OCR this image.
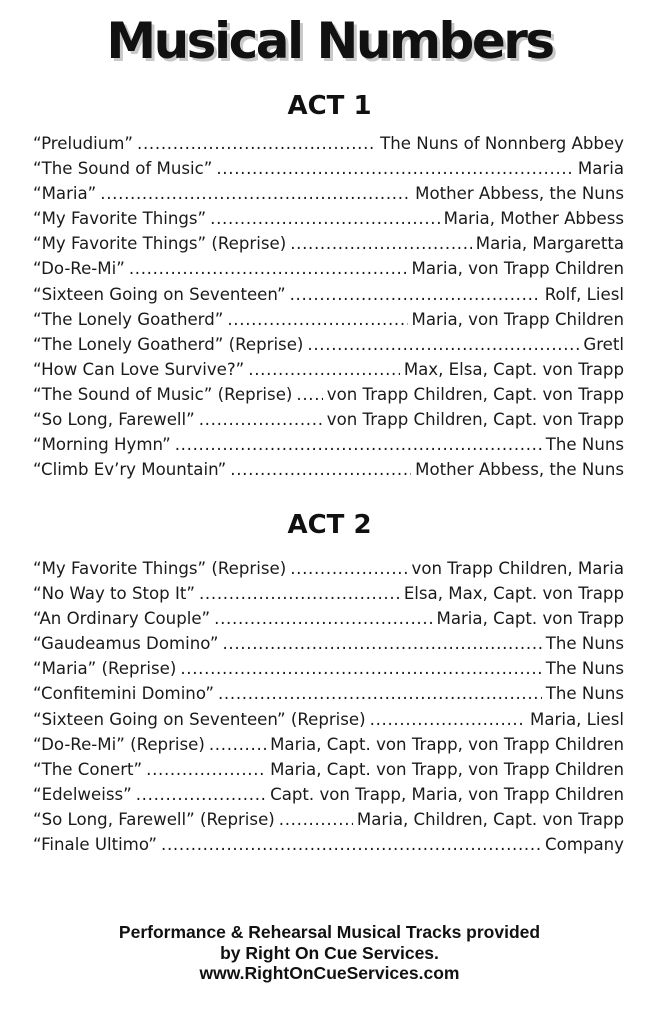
Musical Numbers
ACT 1
“Preludium” . . .	The Nuns of Nonnberg Abbey
“The Sound of Music” . . .	Maria
“Maria” . . .	Mother Abbess, the Nuns
“My Favorite Things” . . .	Maria, Mother Abbess
“My Favorite Things” (Reprise) . . .	Maria, Margaretta
“Do-Re-Mi” . . .	Maria, von Trapp Children
“Sixteen Going on Seventeen” . . .	Rolf, Liesl
“The Lonely Goatherd” . . .	Maria, von Trapp Children
“The Lonely Goatherd” (Reprise) . . .	Gretl
“How Can Love Survive?” . . .	Max, Elsa, Capt. von Trapp
“The Sound of Music” (Reprise) . . . von Trapp Children, Capt. von Trapp
“So Long, Farewell” . . .	von Trapp Children, Capt. von Trapp
“Morning Hymn” . . .	The Nuns
“Climb Ev’ry Mountain” . . .	Mother Abbess, the Nuns
ACT 2
“My Favorite Things” (Reprise) . . .	von Trapp Children, Maria
“No Way to Stop It” . . .	Elsa, Max, Capt. von Trapp
“An Ordinary Couple” . . .	Maria, Capt. von Trapp
“Gaudeamus Domino” . . .	The Nuns
“Maria” (Reprise) . . .	The Nuns
“Confitemini Domino” . . .	The Nuns
“Sixteen Going on Seventeen” (Reprise) . . .	Maria, Liesl
“Do-Re-Mi” (Reprise) . . .	Maria, Capt. von Trapp, von Trapp Children
“The Conert” . . .	Maria, Capt. von Trapp, von Trapp Children
“Edelweiss” . . .	Capt. von Trapp, Maria, von Trapp Children
“So Long, Farewell” (Reprise) . . .	Maria, Children, Capt. von Trapp
“Finale Ultimo” . . .	Company
Performance & Rehearsal Musical Tracks provided
by Right On Cue Services.
www.RightOnCueServices.com
